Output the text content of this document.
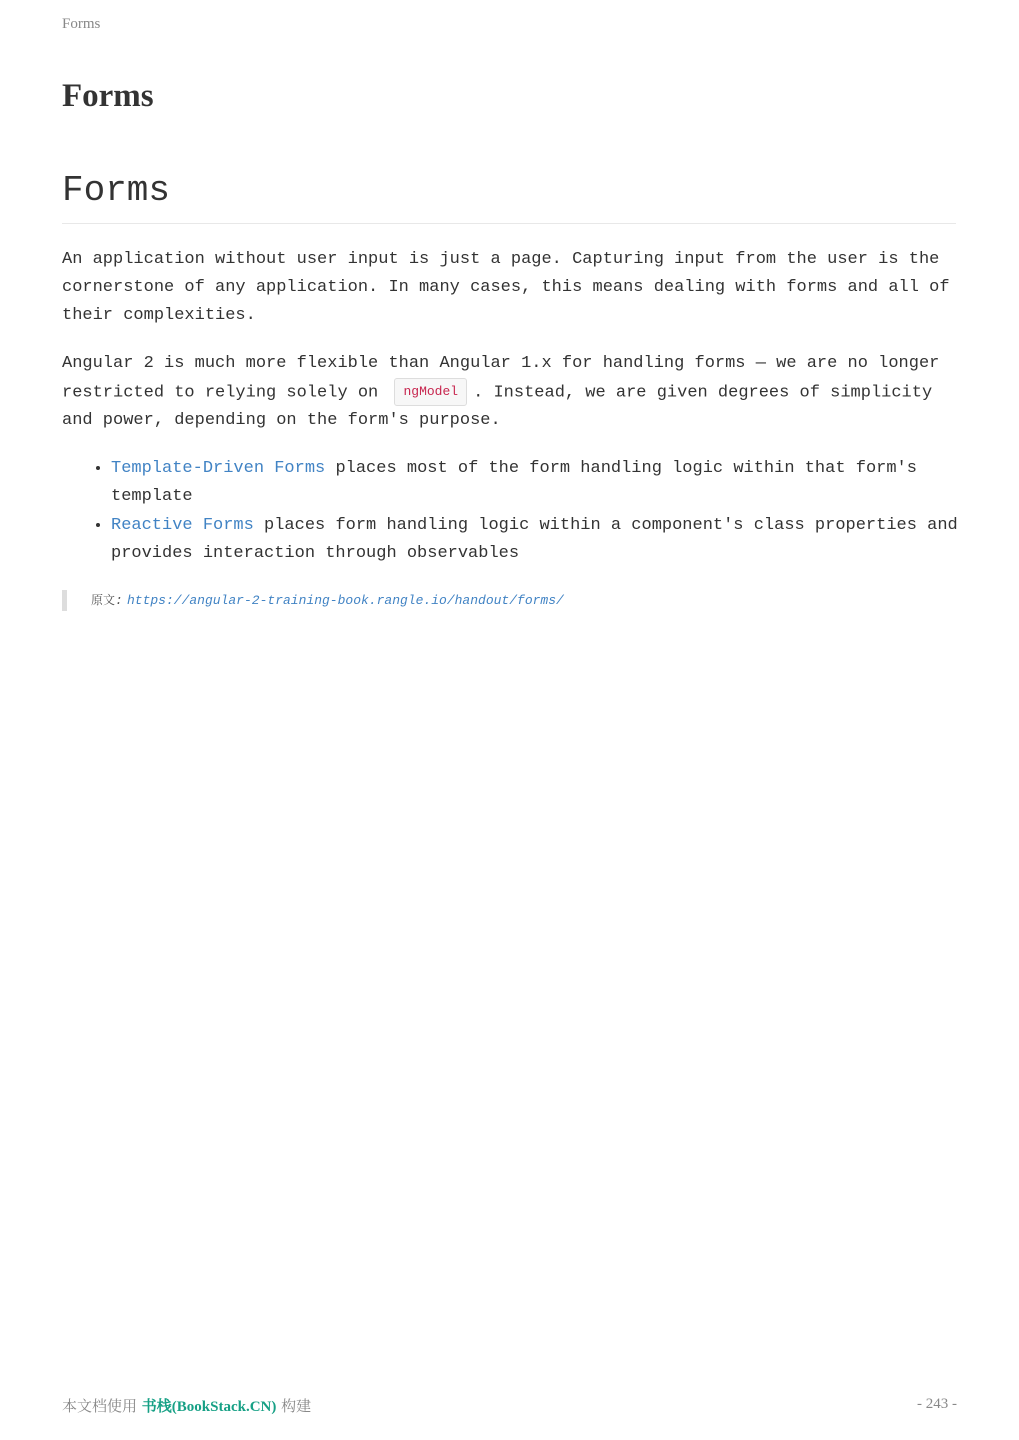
Forms
Forms
Forms

An application without user input is just a page. Capturing input from the user is the cornerstone of any application. In many cases, this means dealing with forms and all of their complexities.

Angular 2 is much more flexible than Angular 1.x for handling forms — we are no longer restricted to relying solely on ngModel . Instead, we are given degrees of simplicity and power, depending on the form's purpose.

• Template-Driven Forms places most of the form handling logic within that form's template
• Reactive Forms places form handling logic within a component's class properties and provides interaction through observables
原文: https://angular-2-training-book.rangle.io/handout/forms/
本文档使用 书栈(BookStack.CN) 构建	- 243 -
